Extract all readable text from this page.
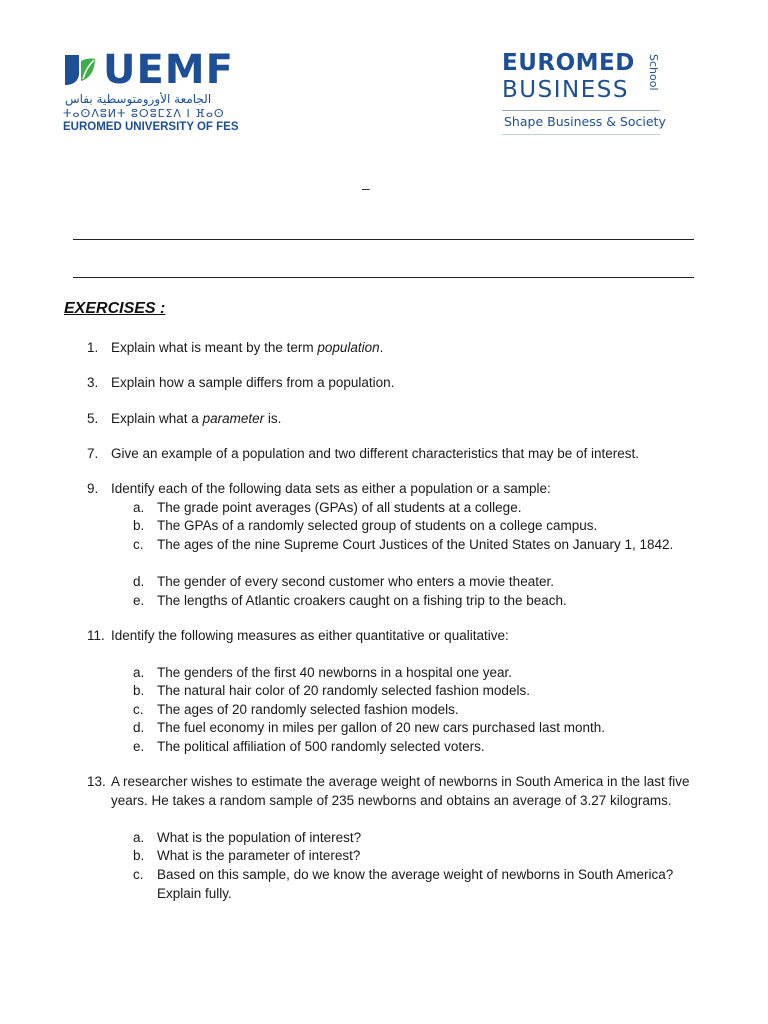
UEMF
الجامعة الأورومتوسطية بفاس
ⵜⴰⵙⴷⵓⵍⵜ ⵓⵔⵓⵎⵉⴷ ⵏ ⴼⴰⵙ
EUROMED UNIVERSITY OF FES
EUROMED
BUSINESS	School
Shape Business & Society
–
EXERCISES :
1. Explain what is meant by the term population.
3. Explain how a sample differs from a population.
5. Explain what a parameter is.
7. Give an example of a population and two different characteristics that may be of interest.
9. Identify each of the following data sets as either a population or a sample:
a. The grade point averages (GPAs) of all students at a college.
b. The GPAs of a randomly selected group of students on a college campus.
c. The ages of the nine Supreme Court Justices of the United States on January 1, 1842.
d. The gender of every second customer who enters a movie theater.
e. The lengths of Atlantic croakers caught on a fishing trip to the beach.
11. Identify the following measures as either quantitative or qualitative:
a. The genders of the first 40 newborns in a hospital one year.
b. The natural hair color of 20 randomly selected fashion models.
c. The ages of 20 randomly selected fashion models.
d. The fuel economy in miles per gallon of 20 new cars purchased last month.
e. The political affiliation of 500 randomly selected voters.
13. A researcher wishes to estimate the average weight of newborns in South America in the last five years. He takes a random sample of 235 newborns and obtains an average of 3.27 kilograms.
a. What is the population of interest?
b. What is the parameter of interest?
c. Based on this sample, do we know the average weight of newborns in South America? Explain fully.
